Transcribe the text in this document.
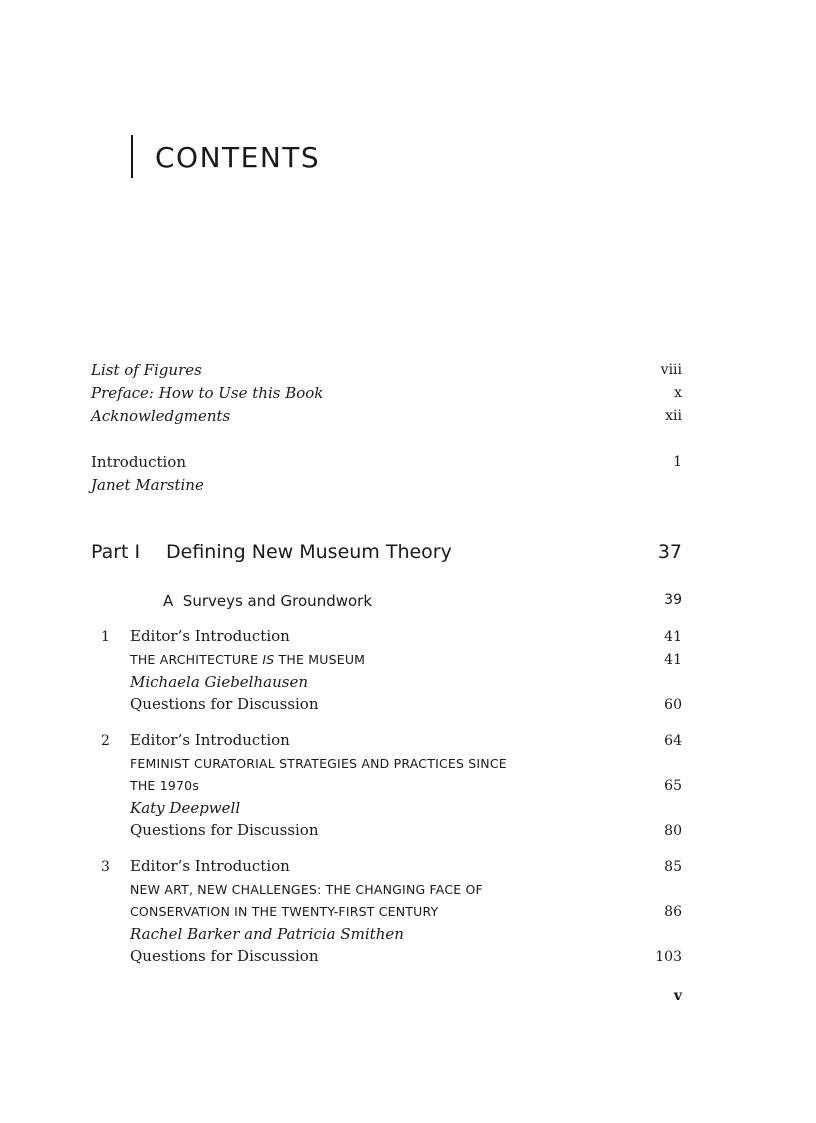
CONTENTS
List of Figures	viii
Preface: How to Use this Book	x
Acknowledgments	xii
Introduction	1
Janet Marstine
Part I Defining New Museum Theory	37
A  Surveys and Groundwork	39
1 Editor’s Introduction	41
THE ARCHITECTURE IS THE MUSEUM	41
Michaela Giebelhausen
Questions for Discussion	60
2 Editor’s Introduction	64
FEMINIST CURATORIAL STRATEGIES AND PRACTICES SINCE
THE 1970s	65
Katy Deepwell
Questions for Discussion	80
3 Editor’s Introduction	85
NEW ART, NEW CHALLENGES: THE CHANGING FACE OF
CONSERVATION IN THE TWENTY-FIRST CENTURY	86
Rachel Barker and Patricia Smithen
Questions for Discussion	103
v
